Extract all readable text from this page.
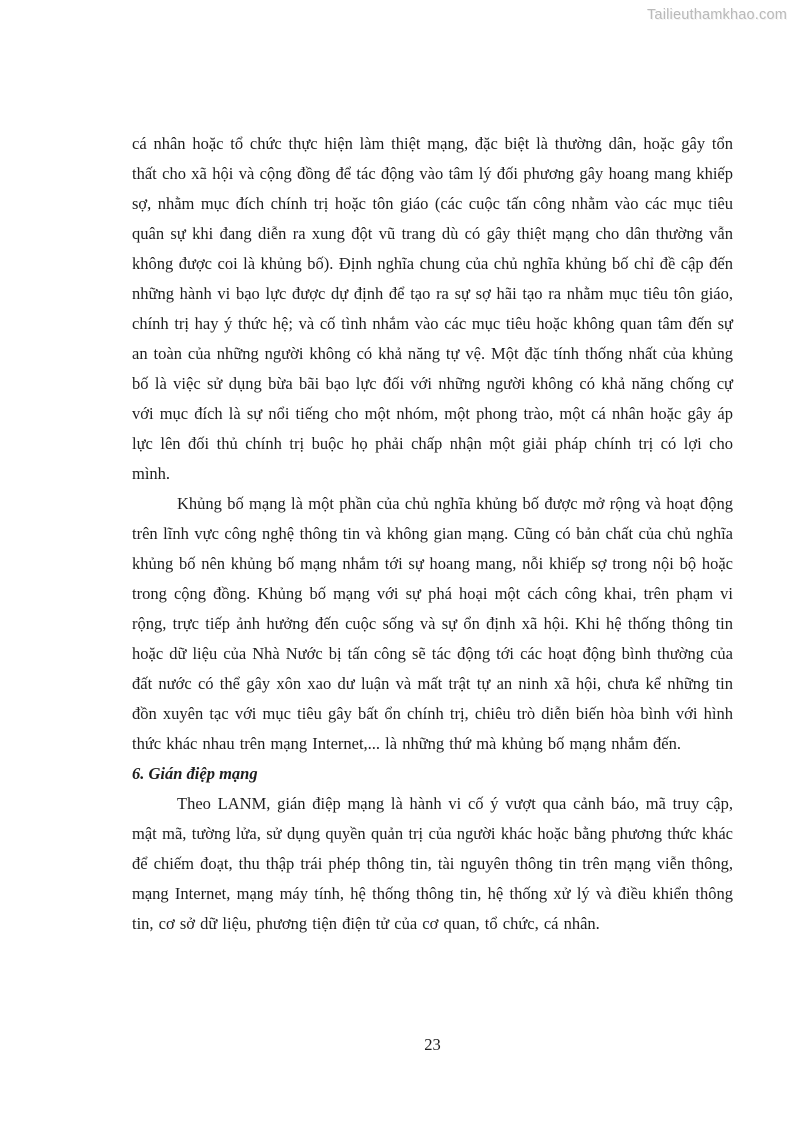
Tailieuthamkhao.com

cá nhân hoặc tổ chức thực hiện làm thiệt mạng, đặc biệt là thường dân, hoặc gây tổn thất cho xã hội và cộng đồng để tác động vào tâm lý đối phương gây hoang mang khiếp sợ, nhằm mục đích chính trị hoặc tôn giáo (các cuộc tấn công nhằm vào các mục tiêu quân sự khi đang diễn ra xung đột vũ trang dù có gây thiệt mạng cho dân thường vẫn không được coi là khủng bố). Định nghĩa chung của chủ nghĩa khủng bố chỉ đề cập đến những hành vi bạo lực được dự định để tạo ra sự sợ hãi tạo ra nhằm mục tiêu tôn giáo, chính trị hay ý thức hệ; và cố tình nhắm vào các mục tiêu hoặc không quan tâm đến sự an toàn của những người không có khả năng tự vệ. Một đặc tính thống nhất của khủng bố là việc sử dụng bừa bãi bạo lực đối với những người không có khả năng chống cự với mục đích là sự nổi tiếng cho một nhóm, một phong trào, một cá nhân hoặc gây áp lực lên đối thủ chính trị buộc họ phải chấp nhận một giải pháp chính trị có lợi cho mình.

Khủng bố mạng là một phần của chủ nghĩa khủng bố được mở rộng và hoạt động trên lĩnh vực công nghệ thông tin và không gian mạng. Cũng có bản chất của chủ nghĩa khủng bố nên khủng bố mạng nhắm tới sự hoang mang, nỗi khiếp sợ trong nội bộ hoặc trong cộng đồng. Khủng bố mạng với sự phá hoại một cách công khai, trên phạm vi rộng, trực tiếp ảnh hưởng đến cuộc sống và sự ổn định xã hội. Khi hệ thống thông tin hoặc dữ liệu của Nhà Nước bị tấn công sẽ tác động tới các hoạt động bình thường của đất nước có thể gây xôn xao dư luận và mất trật tự an ninh xã hội, chưa kể những tin đồn xuyên tạc với mục tiêu gây bất ổn chính trị, chiêu trò diễn biến hòa bình với hình thức khác nhau trên mạng Internet,... là những thứ mà khủng bố mạng nhắm đến.

6. Gián điệp mạng

Theo LANM, gián điệp mạng là hành vi cố ý vượt qua cảnh báo, mã truy cập, mật mã, tường lửa, sử dụng quyền quản trị của người khác hoặc bằng phương thức khác để chiếm đoạt, thu thập trái phép thông tin, tài nguyên thông tin trên mạng viễn thông, mạng Internet, mạng máy tính, hệ thống thông tin, hệ thống xử lý và điều khiển thông tin, cơ sở dữ liệu, phương tiện điện tử của cơ quan, tổ chức, cá nhân.

23
